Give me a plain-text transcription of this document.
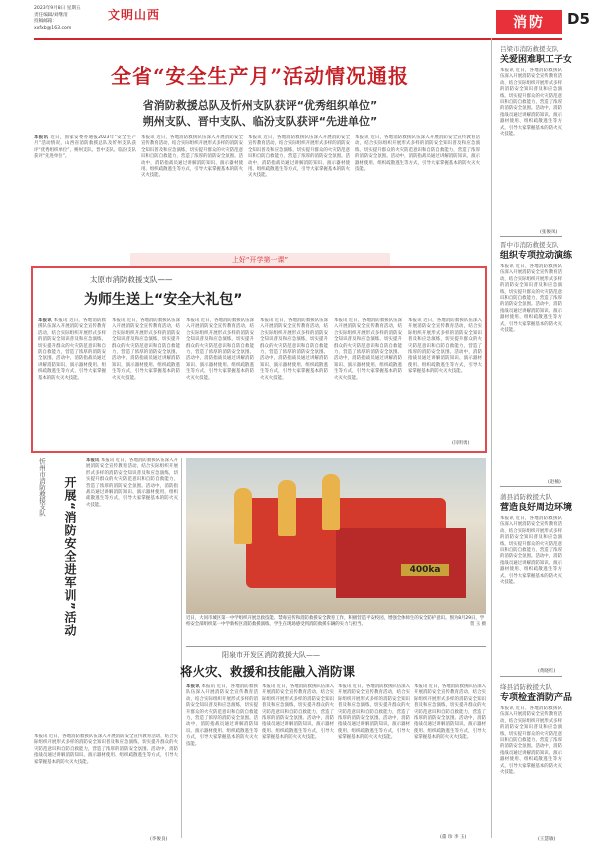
2023年9月8日 星期五
责任编辑/刘继清
投稿邮箱：xxfxb@163.com
文明山西	消防	D5
全省“安全生产月”活动情况通报
省消防救援总队及忻州支队获评“优秀组织单位”
朔州支队、晋中支队、临汾支队获评“先进单位”
本报讯 近日，国家安委办通报2023年“安全生产月”活动情况，山西省消防救援总队及忻州支队获评“优秀组织单位”，朔州支队、晋中支队、临汾支队获评“先进单位”。
本报讯 近日，各地消防救援队伍深入开展消防安全宣传教育活动，结合实际组织开展形式多样的消防安全知识普及和应急演练，切实提升群众的火灾防范意识和自防自救能力，营造了浓厚的消防安全氛围。活动中，消防指战员通过讲解消防知识、演示器材使用、组织疏散逃生等方式，引导大家掌握基本的防火灭火技能。
本报讯 近日，各地消防救援队伍深入开展消防安全宣传教育活动，结合实际组织开展形式多样的消防安全知识普及和应急演练，切实提升群众的火灾防范意识和自防自救能力，营造了浓厚的消防安全氛围。活动中，消防指战员通过讲解消防知识、演示器材使用、组织疏散逃生等方式，引导大家掌握基本的防火灭火技能。
本报讯 近日，各地消防救援队伍深入开展消防安全宣传教育活动，结合实际组织开展形式多样的消防安全知识普及和应急演练，切实提升群众的火灾防范意识和自防自救能力，营造了浓厚的消防安全氛围。活动中，消防指战员通过讲解消防知识、演示器材使用、组织疏散逃生等方式，引导大家掌握基本的防火灭火技能。
吕梁市消防救援支队
关爱困难职工子女
本报讯 近日，各地消防救援队伍深入开展消防安全宣传教育活动，结合实际组织开展形式多样的消防安全知识普及和应急演练，切实提升群众的火灾防范意识和自防自救能力，营造了浓厚的消防安全氛围。活动中，消防指战员通过讲解消防知识、演示器材使用、组织疏散逃生等方式，引导大家掌握基本的防火灭火技能。
晋中市消防救援支队
组织专项拉动演练
本报讯 近日，各地消防救援队伍深入开展消防安全宣传教育活动，结合实际组织开展形式多样的消防安全知识普及和应急演练，切实提升群众的火灾防范意识和自防自救能力，营造了浓厚的消防安全氛围。活动中，消防指战员通过讲解消防知识、演示器材使用、组织疏散逃生等方式，引导大家掌握基本的防火灭火技能。
蒲县消防救援大队
营造良好周边环境
本报讯 近日，各地消防救援队伍深入开展消防安全宣传教育活动，结合实际组织开展形式多样的消防安全知识普及和应急演练，切实提升群众的火灾防范意识和自防自救能力，营造了浓厚的消防安全氛围。活动中，消防指战员通过讲解消防知识、演示器材使用、组织疏散逃生等方式，引导大家掌握基本的防火灭火技能。
绛县消防救援大队
专项检查消防产品
本报讯 近日，各地消防救援队伍深入开展消防安全宣传教育活动，结合实际组织开展形式多样的消防安全知识普及和应急演练，切实提升群众的火灾防范意识和自防自救能力，营造了浓厚的消防安全氛围。活动中，消防指战员通过讲解消防知识、演示器材使用、组织疏散逃生等方式，引导大家掌握基本的防火灭火技能。
上好“开学第一课”
太原市消防救援支队——
为师生送上“安全大礼包”
本报讯 本报讯 近日，各地消防救援队伍深入开展消防安全宣传教育活动，结合实际组织开展形式多样的消防安全知识普及和应急演练，切实提升群众的火灾防范意识和自防自救能力，营造了浓厚的消防安全氛围。活动中，消防指战员通过讲解消防知识、演示器材使用、组织疏散逃生等方式，引导大家掌握基本的防火灭火技能。
本报讯 近日，各地消防救援队伍深入开展消防安全宣传教育活动，结合实际组织开展形式多样的消防安全知识普及和应急演练，切实提升群众的火灾防范意识和自防自救能力，营造了浓厚的消防安全氛围。活动中，消防指战员通过讲解消防知识、演示器材使用、组织疏散逃生等方式，引导大家掌握基本的防火灭火技能。
本报讯 近日，各地消防救援队伍深入开展消防安全宣传教育活动，结合实际组织开展形式多样的消防安全知识普及和应急演练，切实提升群众的火灾防范意识和自防自救能力，营造了浓厚的消防安全氛围。活动中，消防指战员通过讲解消防知识、演示器材使用、组织疏散逃生等方式，引导大家掌握基本的防火灭火技能。
本报讯 近日，各地消防救援队伍深入开展消防安全宣传教育活动，结合实际组织开展形式多样的消防安全知识普及和应急演练，切实提升群众的火灾防范意识和自防自救能力，营造了浓厚的消防安全氛围。活动中，消防指战员通过讲解消防知识、演示器材使用、组织疏散逃生等方式，引导大家掌握基本的防火灭火技能。
本报讯 近日，各地消防救援队伍深入开展消防安全宣传教育活动，结合实际组织开展形式多样的消防安全知识普及和应急演练，切实提升群众的火灾防范意识和自防自救能力，营造了浓厚的消防安全氛围。活动中，消防指战员通过讲解消防知识、演示器材使用、组织疏散逃生等方式，引导大家掌握基本的防火灭火技能。
本报讯 近日，各地消防救援队伍深入开展消防安全宣传教育活动，结合实际组织开展形式多样的消防安全知识普及和应急演练，切实提升群众的火灾防范意识和自防自救能力，营造了浓厚的消防安全氛围。活动中，消防指战员通过讲解消防知识、演示器材使用、组织疏散逃生等方式，引导大家掌握基本的防火灭火技能。
(闫明勇)
忻州市消防救援支队 开展“消防安全进军训”活动
本报讯 本报讯 近日，各地消防救援队伍深入开展消防安全宣传教育活动，结合实际组织开展形式多样的消防安全知识普及和应急演练，切实提升群众的火灾防范意识和自防自救能力，营造了浓厚的消防安全氛围。活动中，消防指战员通过讲解消防知识、演示器材使用、组织疏散逃生等方式，引导大家掌握基本的防火灭火技能。
本报讯 近日，各地消防救援队伍深入开展消防安全宣传教育活动，结合实际组织开展形式多样的消防安全知识普及和应急演练，切实提升群众的火灾防范意识和自防自救能力，营造了浓厚的消防安全氛围。活动中，消防指战员通过讲解消防知识、演示器材使用、组织疏散逃生等方式，引导大家掌握基本的防火灭火技能。
(李俊良)
400ka
近日，大同市城区第一中学组织开展急救技能、禁毒宣传和消防救援安全教育工作，积极营造平安校园，增强全体师生的安全防护意识。图为8月29日，学校安全部组织第一中学新校区消防救援演练，学生在现场感受到消防救援车辆的实力与担当。	贺 玉 摄
阳泉市开发区消防救援大队——
将火灾、救援和技能融入消防课
本报讯 本报讯 近日，各地消防救援队伍深入开展消防安全宣传教育活动，结合实际组织开展形式多样的消防安全知识普及和应急演练，切实提升群众的火灾防范意识和自防自救能力，营造了浓厚的消防安全氛围。活动中，消防指战员通过讲解消防知识、演示器材使用、组织疏散逃生等方式，引导大家掌握基本的防火灭火技能。
本报讯 近日，各地消防救援队伍深入开展消防安全宣传教育活动，结合实际组织开展形式多样的消防安全知识普及和应急演练，切实提升群众的火灾防范意识和自防自救能力，营造了浓厚的消防安全氛围。活动中，消防指战员通过讲解消防知识、演示器材使用、组织疏散逃生等方式，引导大家掌握基本的防火灭火技能。
本报讯 近日，各地消防救援队伍深入开展消防安全宣传教育活动，结合实际组织开展形式多样的消防安全知识普及和应急演练，切实提升群众的火灾防范意识和自防自救能力，营造了浓厚的消防安全氛围。活动中，消防指战员通过讲解消防知识、演示器材使用、组织疏散逃生等方式，引导大家掌握基本的防火灭火技能。
本报讯 近日，各地消防救援队伍深入开展消防安全宣传教育活动，结合实际组织开展形式多样的消防安全知识普及和应急演练，切实提升群众的火灾防范意识和自防自救能力，营造了浓厚的消防安全氛围。活动中，消防指战员通过讲解消防知识、演示器材使用、组织疏散逃生等方式，引导大家掌握基本的防火灭火技能。
(董 珍 李 玉)
(张俊凤)
(赵楠)
(黄晓红)
(王慧敏)
